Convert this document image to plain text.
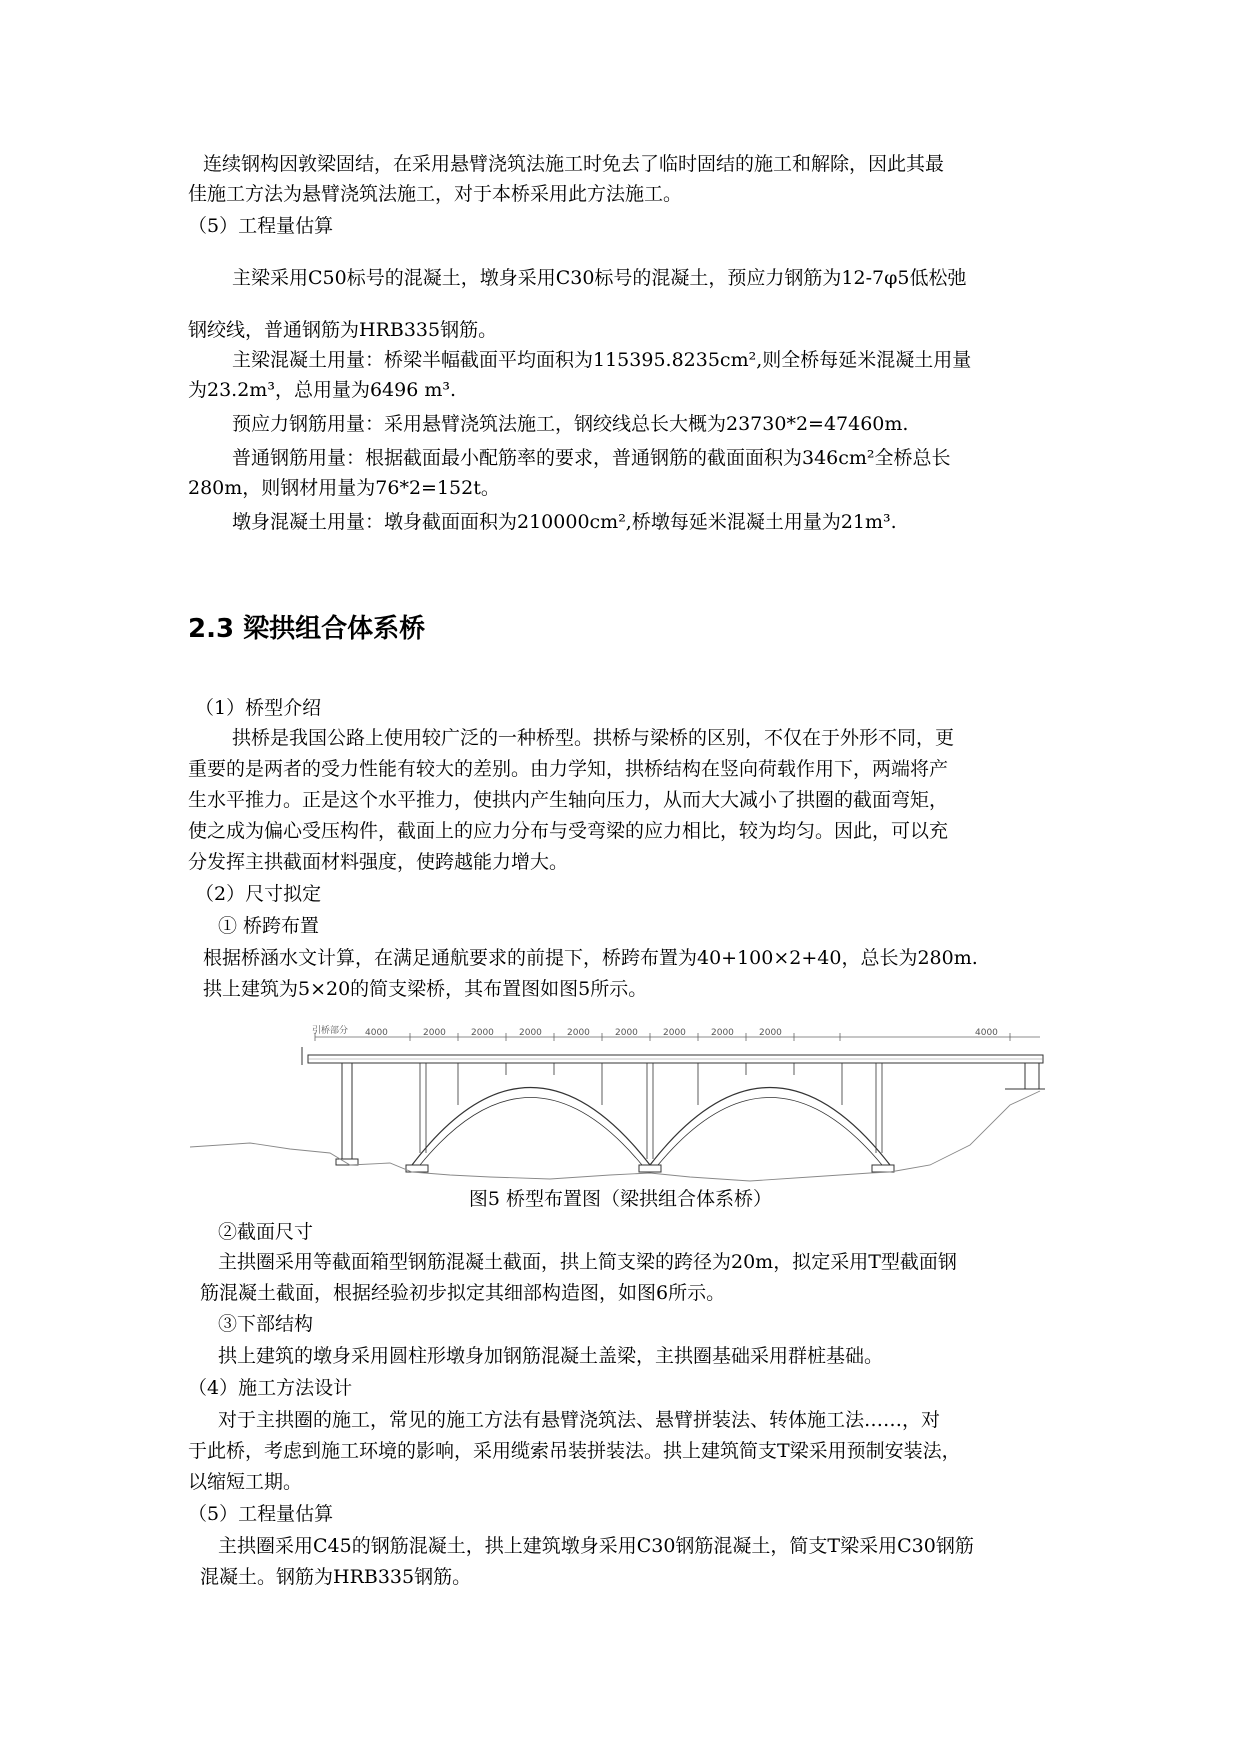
连续钢构因敦梁固结，在采用悬臂浇筑法施工时免去了临时固结的施工和解除，因此其最
佳施工方法为悬臂浇筑法施工，对于本桥采用此方法施工。
（5）工程量估算
主梁采用C50标号的混凝土，墩身采用C30标号的混凝土，预应力钢筋为12-7φ5低松弛
钢绞线，普通钢筋为HRB335钢筋。
主梁混凝土用量：桥梁半幅截面平均面积为115395.8235cm²,则全桥每延米混凝土用量
为23.2m³，总用量为6496 m³.
预应力钢筋用量：采用悬臂浇筑法施工，钢绞线总长大概为23730*2=47460m.
普通钢筋用量：根据截面最小配筋率的要求，普通钢筋的截面面积为346cm²全桥总长
280m，则钢材用量为76*2=152t。
墩身混凝土用量：墩身截面面积为210000cm²,桥墩每延米混凝土用量为21m³.
2.3 梁拱组合体系桥
（1）桥型介绍
拱桥是我国公路上使用较广泛的一种桥型。拱桥与梁桥的区别，不仅在于外形不同，更
重要的是两者的受力性能有较大的差别。由力学知，拱桥结构在竖向荷载作用下，两端将产
生水平推力。正是这个水平推力，使拱内产生轴向压力，从而大大减小了拱圈的截面弯矩，
使之成为偏心受压构件，截面上的应力分布与受弯梁的应力相比，较为均匀。因此，可以充
分发挥主拱截面材料强度，使跨越能力增大。
（2）尺寸拟定
① 桥跨布置
根据桥涵水文计算，在满足通航要求的前提下，桥跨布置为40+100×2+40，总长为280m.
拱上建筑为5×20的简支梁桥，其布置图如图5所示。
引桥部分 4000	2000	2000	2000	2000	2000	2000	2000	2000	4000
图5 桥型布置图（梁拱组合体系桥）
②截面尺寸
主拱圈采用等截面箱型钢筋混凝土截面，拱上简支梁的跨径为20m，拟定采用T型截面钢
筋混凝土截面，根据经验初步拟定其细部构造图，如图6所示。
③下部结构
拱上建筑的墩身采用圆柱形墩身加钢筋混凝土盖梁，主拱圈基础采用群桩基础。
（4）施工方法设计
对于主拱圈的施工，常见的施工方法有悬臂浇筑法、悬臂拼装法、转体施工法……，对
于此桥，考虑到施工环境的影响，采用缆索吊装拼装法。拱上建筑简支T梁采用预制安装法，
以缩短工期。
（5）工程量估算
主拱圈采用C45的钢筋混凝土，拱上建筑墩身采用C30钢筋混凝土，简支T梁采用C30钢筋
混凝土。钢筋为HRB335钢筋。
